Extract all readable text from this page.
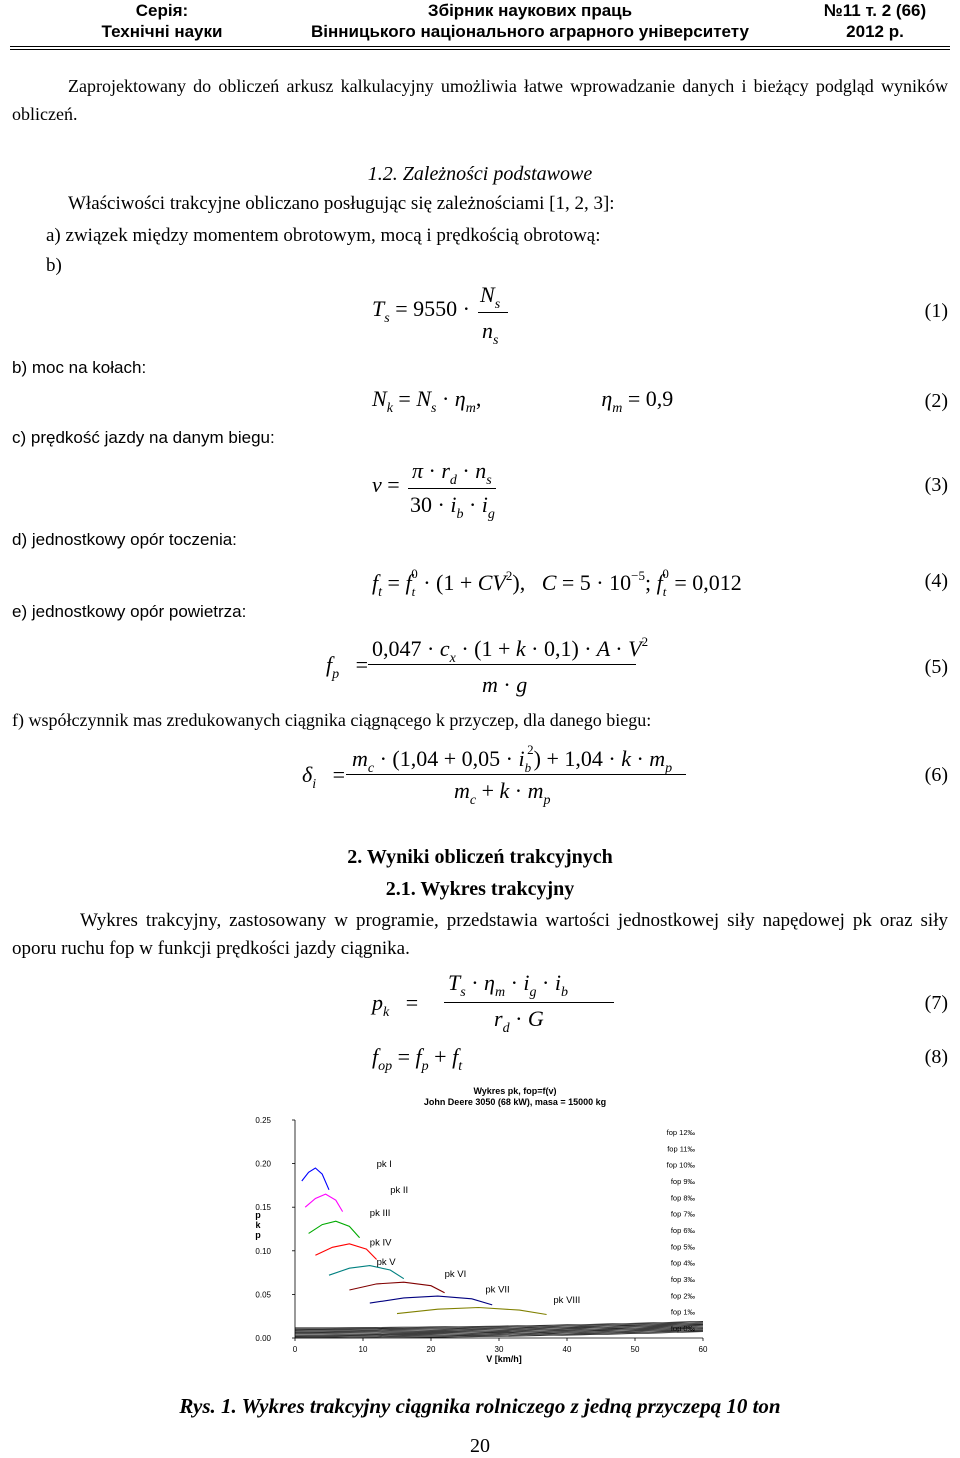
Серія:
Технічні науки
Збірник наукових праць
Вінницького національного аграрного університету
№11 т. 2 (66)
2012 р.
Zaprojektowany do obliczeń arkusz kalkulacyjny umożliwia łatwe wprowadzanie danych i bieżący podgląd wyników obliczeń.
1.2. Zależności podstawowe
Właściwości trakcyjne obliczano posługując się zależnościami [1, 2, 3]:
a) związek między momentem obrotowym, mocą i prędkością obrotową:
b)
$T_s = 9550$ ·
$N_s$
$n_s$
(1)
b) moc na kołach:
$N_k = N_s \cdot \eta_m$,	$\eta_m = 0,9$	(2)
c) prędkość jazdy na danym biegu:
v =
$\pi \cdot r_d \cdot n_s$
$30 \cdot i_b \cdot i_g$
(3)
d) jednostkowy opór toczenia:
$f_t = f_t^0 \cdot (1 + CV^2)$,   $C = 5 \cdot 10^{-5}$; $f_t^0 = 0,012$	(4)
e) jednostkowy opór powietrza:
$f_p$   =
$0,047 \cdot c_x \cdot (1 + k \cdot 0,1) \cdot A \cdot V^2$
m · g
(5)
f) współczynnik mas zredukowanych ciągnika ciągnącego k przyczep, dla danego biegu:
$\delta_i$   =
$m_c \cdot (1,04 + 0,05 \cdot i_b^2) + 1,04 \cdot k \cdot m_p$
$m_c + k \cdot m_p$
(6)
2. Wyniki obliczeń trakcyjnych
2.1. Wykres trakcyjny
Wykres trakcyjny, zastosowany w programie, przedstawia wartości jednostkowej siły napędowej pk oraz siły oporu ruchu fop w funkcji prędkości jazdy ciągnika.
$p_k$   =
$T_s \cdot \eta_m \cdot i_g \cdot i_b$
$r_d \cdot G$
(7)
$f_{op} = f_p + f_t$	(8)
Wykres pk, fop=f(v)
John Deere 3050 (68 kW), masa = 15000 kg
V [km/h]
p
k
p
0.00
0.05
0.10
0.15
0.20
0.25
0	10	20	30	40	50	60
fop 12‰
fop 11‰
fop 10‰
fop 9‰
fop 8‰
fop 7‰
fop 6‰
fop 5‰
fop 4‰
fop 3‰
fop 2‰
fop 1‰
fop 0‰
pk I
pk II
pk III
pk IV
pk V
pk VI
pk VII
pk VIII
Rys. 1. Wykres trakcyjny ciągnika rolniczego z jedną przyczepą 10 ton
20
